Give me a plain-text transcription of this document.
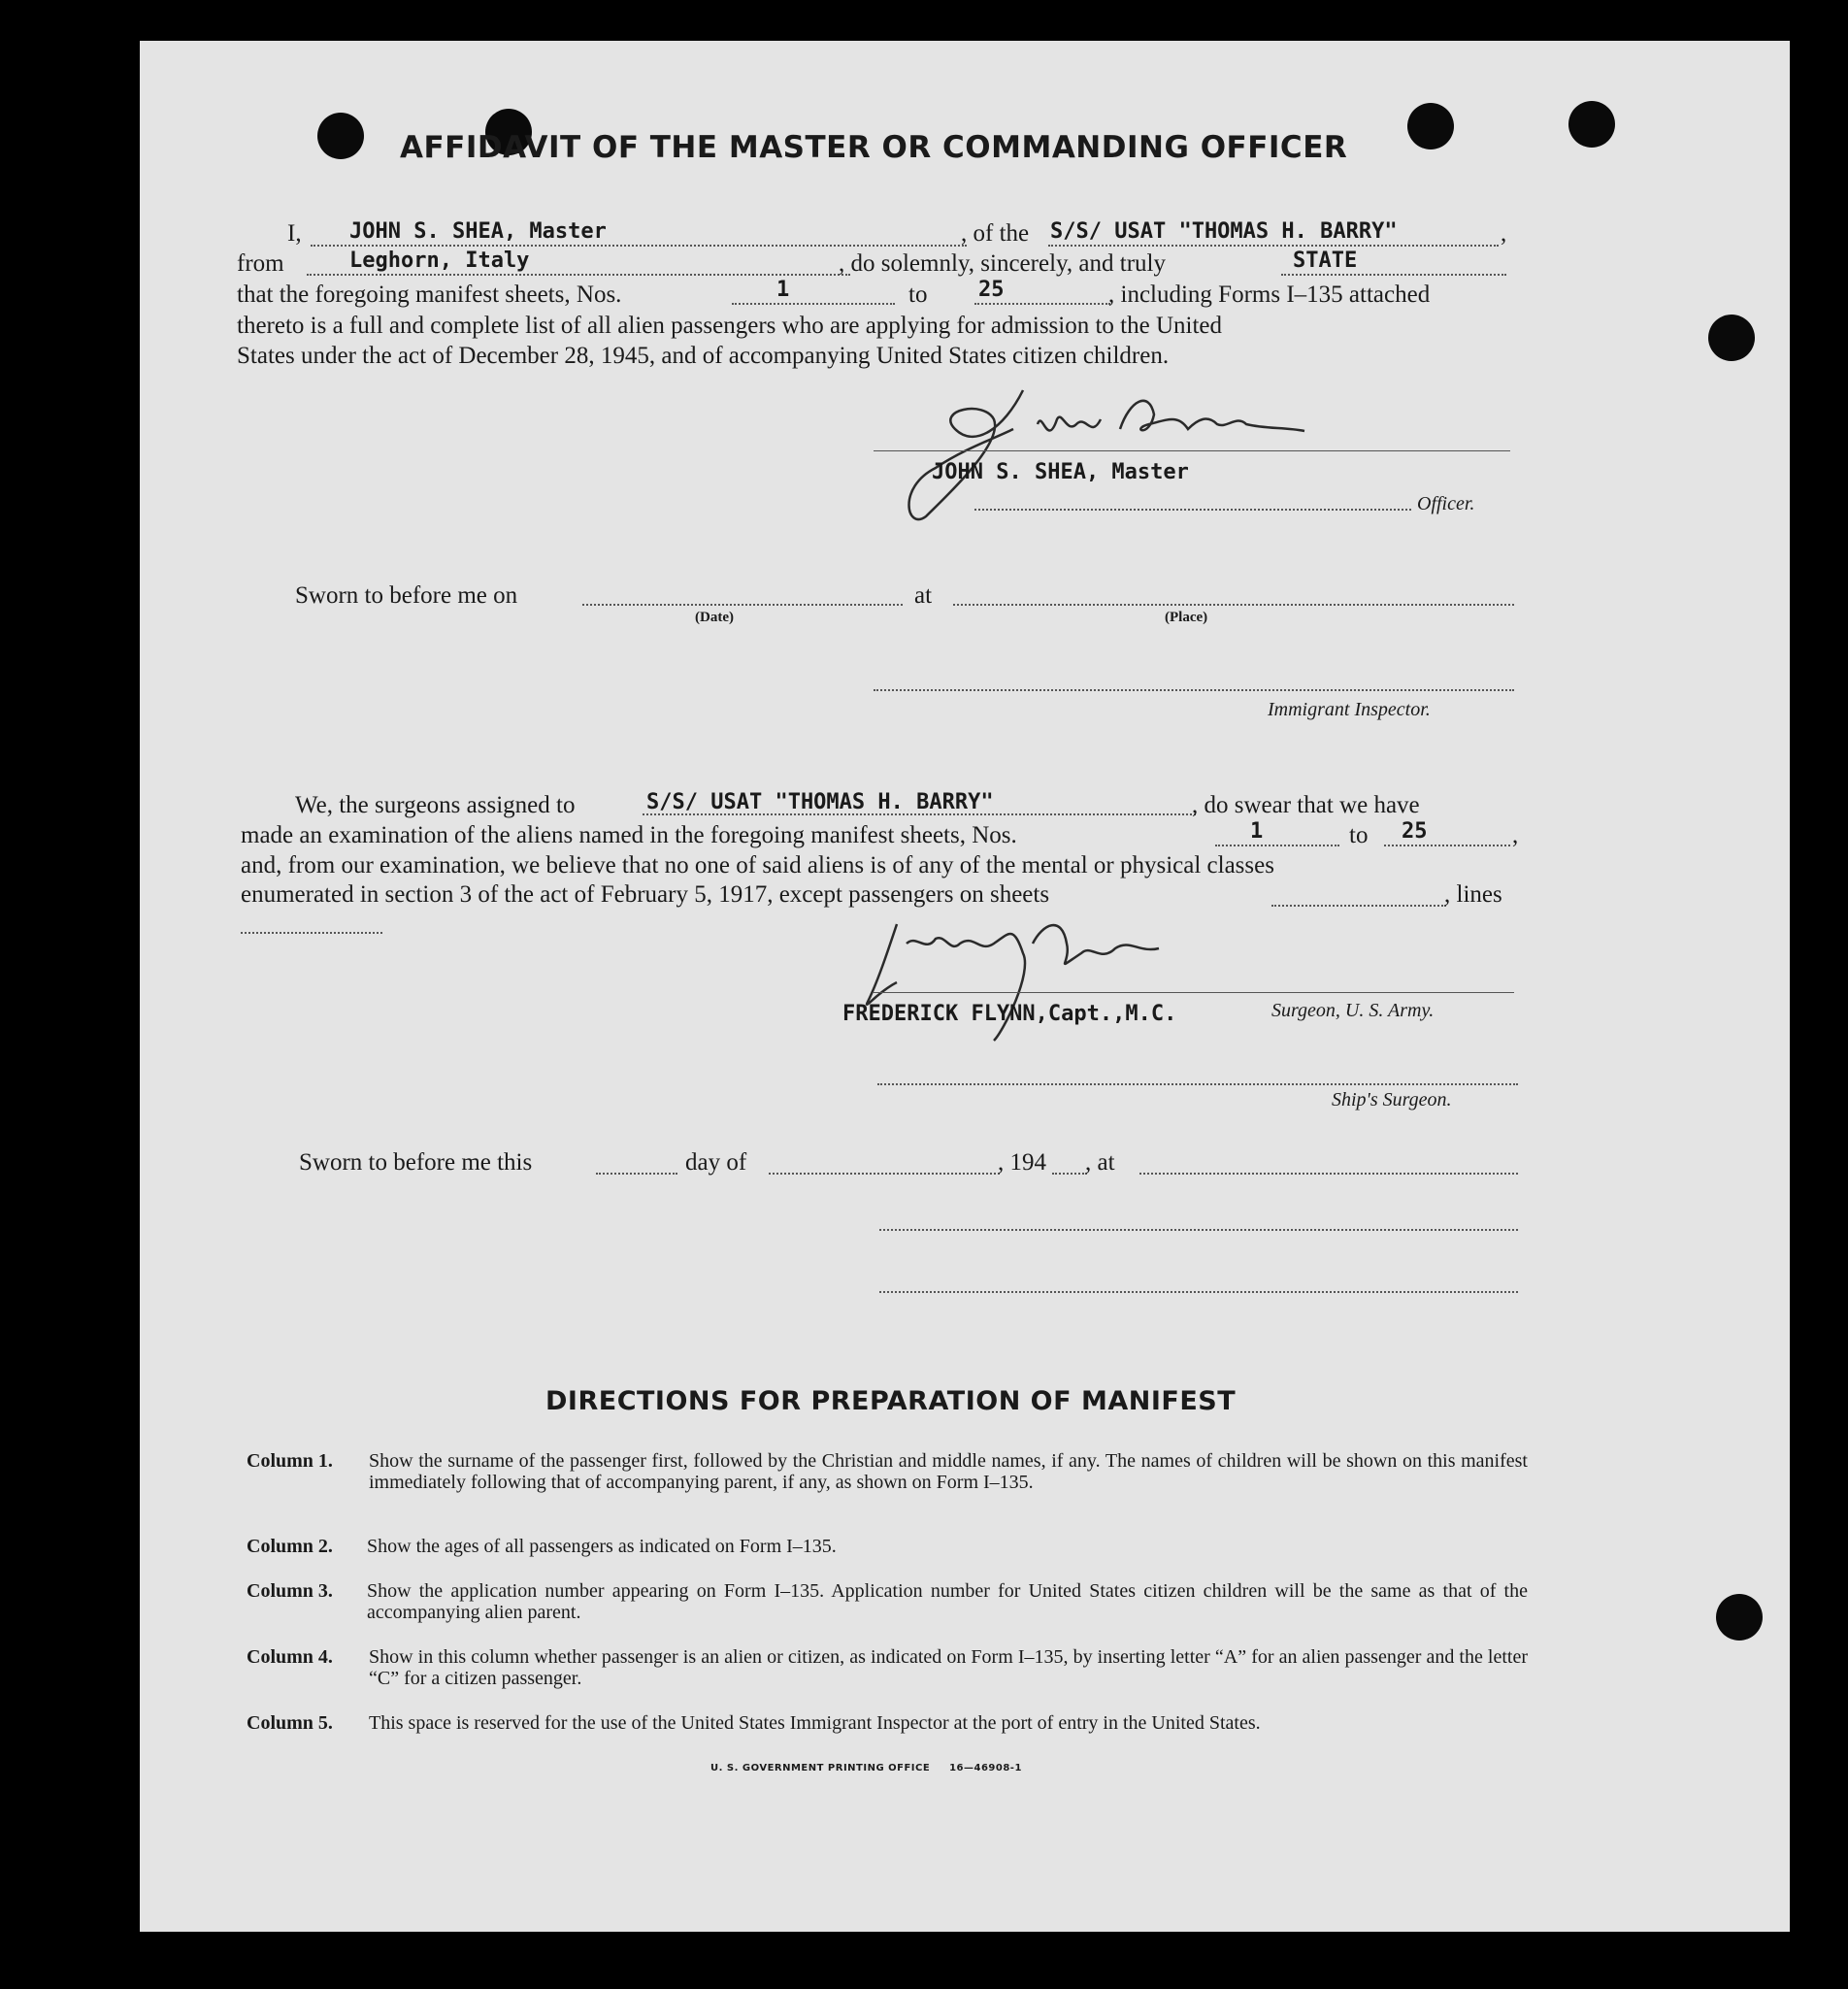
AFFIDAVIT OF THE MASTER OR COMMANDING OFFICER
I, JOHN S. SHEA, Master	, of the S/S/ USAT "THOMAS H. BARRY"	,
from	Leghorn, Italy	, do solemnly, sincerely, and truly	STATE
that the foregoing manifest sheets, Nos.	1	to 25	, including Forms I–135 attached
thereto is a full and complete list of all alien passengers who are applying for admission to the United
States under the act of December 28, 1945, and of accompanying United States citizen children.
JOHN S. SHEA, Master
Officer.
Sworn to before me on
(Date)
at
(Place)
Immigrant Inspector.
We, the surgeons assigned to	S/S/ USAT "THOMAS H. BARRY"	, do swear that we have
made an examination of the aliens named in the foregoing manifest sheets, Nos.	1	to 25	,
and, from our examination, we believe that no one of said aliens is of any of the mental or physical classes
enumerated in section 3 of the act of February 5, 1917, except passengers on sheets	, lines
FREDERICK FLYNN,Capt.,M.C.	Surgeon, U. S. Army.
Ship's Surgeon.
Sworn to before me this	day of	, 194 , at
DIRECTIONS FOR PREPARATION OF MANIFEST
Column 1. Show the surname of the passenger first, followed by the Christian and middle names, if any. The names of children will be shown on this manifest immediately following that of accompanying parent, if any, as shown on Form I–135.
Column 2. Show the ages of all passengers as indicated on Form I–135.
Column 3. Show the application number appearing on Form I–135. Application number for United States citizen children will be the same as that of the accompanying alien parent.
Column 4. Show in this column whether passenger is an alien or citizen, as indicated on Form I–135, by inserting letter “A” for an alien passenger and the letter “C” for a citizen passenger.
Column 5. This space is reserved for the use of the United States Immigrant Inspector at the port of entry in the United States.
U. S. GOVERNMENT PRINTING OFFICE     16—46908-1
